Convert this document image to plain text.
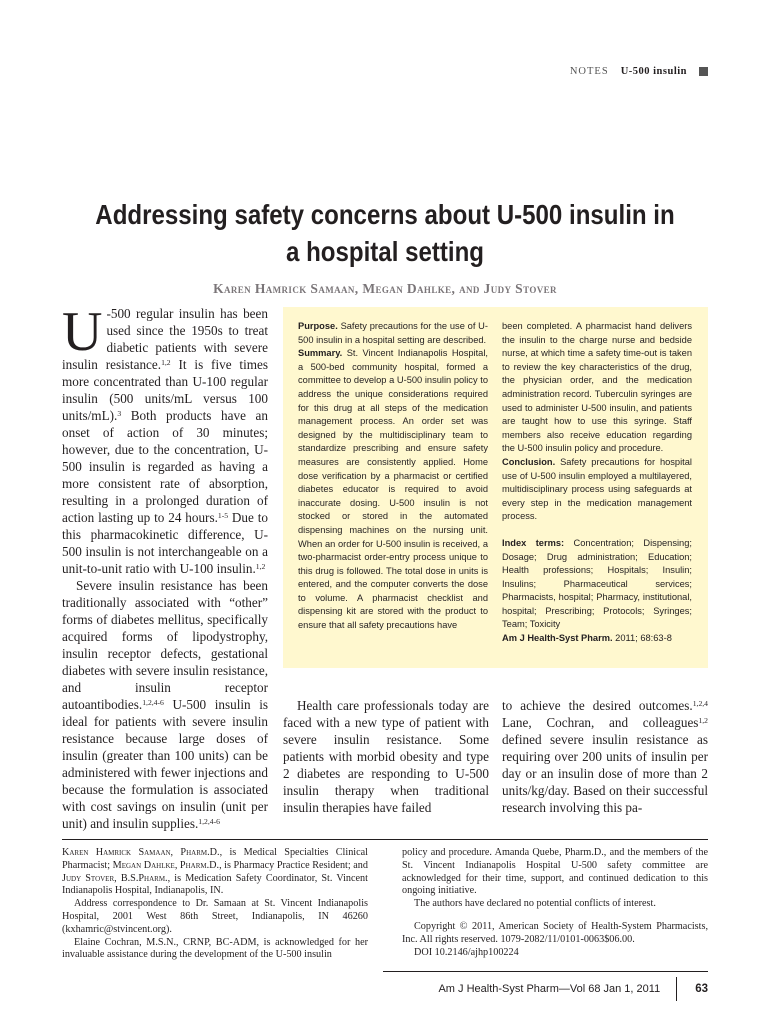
NOTES U-500 insulin
Addressing safety concerns about U-500 insulin in a hospital setting
Karen Hamrick Samaan, Megan Dahlke, and Judy Stover

U -500 regular insulin has been used since the 1950s to treat diabetic patients with severe insulin resistance.$^{1,2}$ It is five times more concentrated than U-100 regular insulin (500 units/mL versus 100 units/mL).$^3$ Both products have an onset of action of 30 minutes; however, due to the concentration, U-500 insulin is regarded as having a more consistent rate of absorption, resulting in a prolonged duration of action lasting up to 24 hours.$^{1-5}$ Due to this pharmacokinetic difference, U-500 insulin is not interchangeable on a unit-to-unit ratio with U-100 insulin.$^{1,2}$

Severe insulin resistance has been traditionally associated with “other” forms of diabetes mellitus, specifically acquired forms of lipodystrophy, insulin receptor defects, gestational diabetes with severe insulin resistance, and insulin receptor autoantibodies.$^{1,2,4-6}$ U-500 insulin is ideal for patients with severe insulin resistance because large doses of insulin (greater than 100 units) can be administered with fewer injections and because the formulation is associated with cost savings on insulin (unit per unit) and insulin supplies.$^{1,2,4-6}$

Purpose. Safety precautions for the use of U-500 insulin in a hospital setting are described.

Summary. St. Vincent Indianapolis Hospital, a 500-bed community hospital, formed a committee to develop a U-500 insulin policy to address the unique considerations required for this drug at all steps of the medication management process. An order set was designed by the multidisciplinary team to standardize prescribing and ensure safety measures are consistently applied. Home dose verification by a pharmacist or certified diabetes educator is required to avoid inaccurate dosing. U-500 insulin is not stocked or stored in the automated dispensing machines on the nursing unit. When an order for U-500 insulin is received, a two-pharmacist order-entry process unique to this drug is followed. The total dose in units is entered, and the computer converts the dose to volume. A pharmacist checklist and dispensing kit are stored with the product to ensure that all safety precautions have

been completed. A pharmacist hand delivers the insulin to the charge nurse and bedside nurse, at which time a safety time-out is taken to review the key characteristics of the drug, the physician order, and the medication administration record. Tuberculin syringes are used to administer U-500 insulin, and patients are taught how to use this syringe. Staff members also receive education regarding the U-500 insulin policy and procedure.

Conclusion. Safety precautions for hospital use of U-500 insulin employed a multilayered, multidisciplinary process using safeguards at every step in the medication management process.

Index terms: Concentration; Dispensing; Dosage; Drug administration; Education; Health professions; Hospitals; Insulin; Insulins; Pharmaceutical services; Pharmacists, hospital; Pharmacy, institutional, hospital; Prescribing; Protocols; Syringes; Team; Toxicity

Am J Health-Syst Pharm. 2011; 68:63-8

Health care professionals today are faced with a new type of patient with severe insulin resistance. Some patients with morbid obesity and type 2 diabetes are responding to U-500 insulin therapy when traditional insulin therapies have failed

to achieve the desired outcomes.$^{1,2,4}$ Lane, Cochran, and colleagues$^{1,2}$ defined severe insulin resistance as requiring over 200 units of insulin per day or an insulin dose of more than 2 units/kg/day. Based on their successful research involving this pa-

Karen Hamrick Samaan, Pharm.D., is Medical Specialties Clinical Pharmacist; Megan Dahlke, Pharm.D., is Pharmacy Practice Resident; and Judy Stover, B.S.Pharm., is Medication Safety Coordinator, St. Vincent Indianapolis Hospital, Indianapolis, IN.

Address correspondence to Dr. Samaan at St. Vincent Indianapolis Hospital, 2001 West 86th Street, Indianapolis, IN 46260 (kxhamric@stvincent.org).

Elaine Cochran, M.S.N., CRNP, BC-ADM, is acknowledged for her invaluable assistance during the development of the U-500 insulin

policy and procedure. Amanda Quebe, Pharm.D., and the members of the St. Vincent Indianapolis Hospital U-500 safety committee are acknowledged for their time, support, and continued dedication to this ongoing initiative.

The authors have declared no potential conflicts of interest.

Copyright © 2011, American Society of Health-System Pharmacists, Inc. All rights reserved. 1079-2082/11/0101-0063$06.00.

DOI 10.2146/ajhp100224

Am J Health-Syst Pharm—Vol 68 Jan 1, 2011	63
